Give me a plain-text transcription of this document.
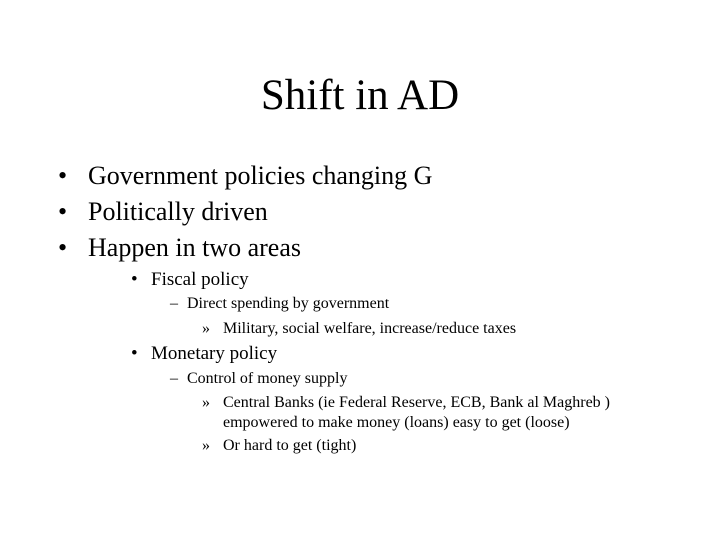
Shift in AD
• Government policies changing G
• Politically driven
• Happen in two areas
• Fiscal policy
– Direct spending by government
» Military, social welfare, increase/reduce taxes
• Monetary policy
– Control of money supply
» Central Banks (ie Federal Reserve, ECB, Bank al Maghreb )
empowered to make money (loans) easy to get (loose)
» Or hard to get (tight)
